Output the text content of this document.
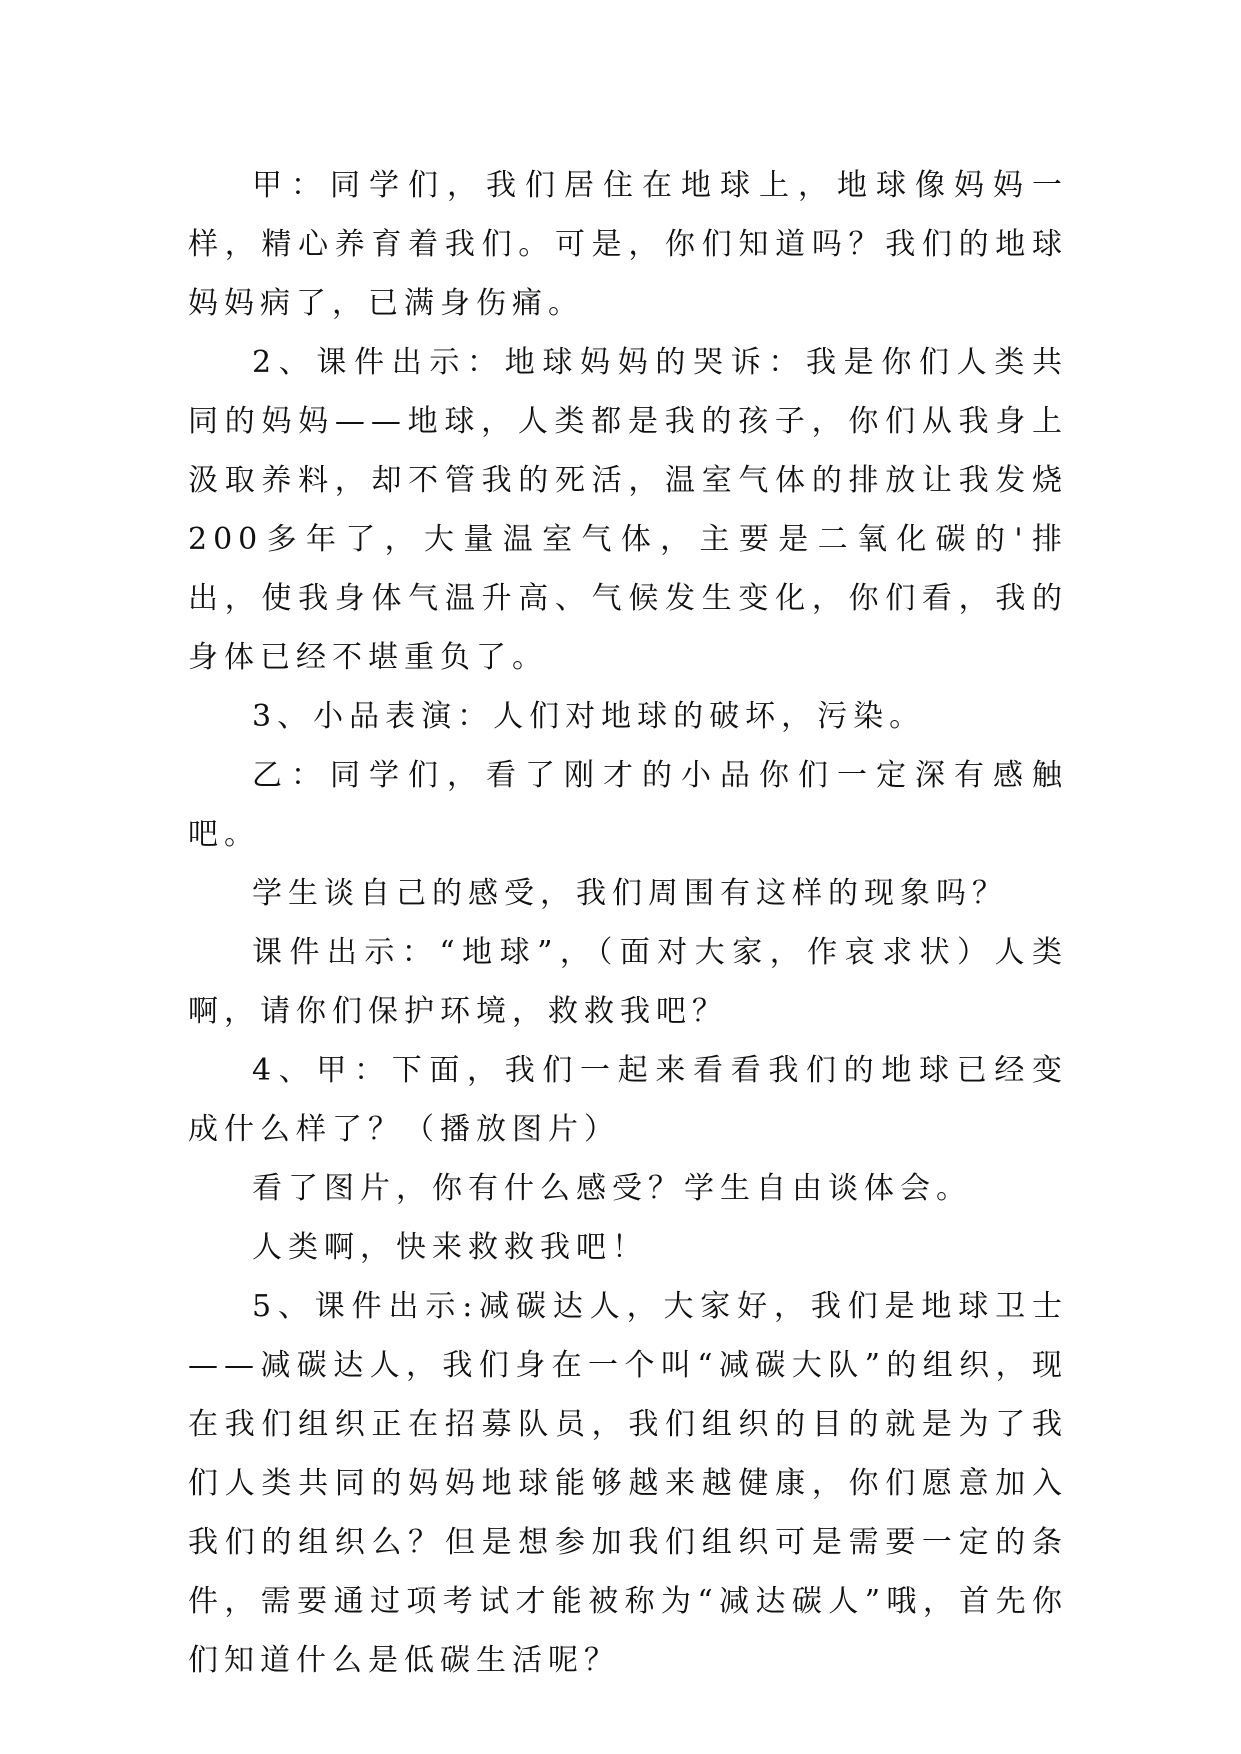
甲：同学们，我们居住在地球上，地球像妈妈一样，精心养育着我们。可是，你们知道吗？我们的地球妈妈病了，已满身伤痛。

2、课件出示：地球妈妈的哭诉：我是你们人类共同的妈妈——地球，人类都是我的孩子，你们从我身上汲取养料，却不管我的死活，温室气体的排放让我发烧200多年了，大量温室气体，主要是二氧化碳的'排出，使我身体气温升高、气候发生变化，你们看，我的身体已经不堪重负了。

3、小品表演：人们对地球的破坏，污染。

乙：同学们，看了刚才的小品你们一定深有感触吧。

学生谈自己的感受，我们周围有这样的现象吗？

课件出示：“地球”，（面对大家，作哀求状）人类啊，请你们保护环境，救救我吧？

4、甲：下面，我们一起来看看我们的地球已经变成什么样了？（播放图片）

看了图片，你有什么感受？学生自由谈体会。

人类啊，快来救救我吧！

5、课件出示:减碳达人，大家好，我们是地球卫士——减碳达人，我们身在一个叫“减碳大队”的组织，现在我们组织正在招募队员，我们组织的目的就是为了我们人类共同的妈妈地球能够越来越健康，你们愿意加入我们的组织么？但是想参加我们组织可是需要一定的条件，需要通过项考试才能被称为“减达碳人”哦，首先你们知道什么是低碳生活呢？
